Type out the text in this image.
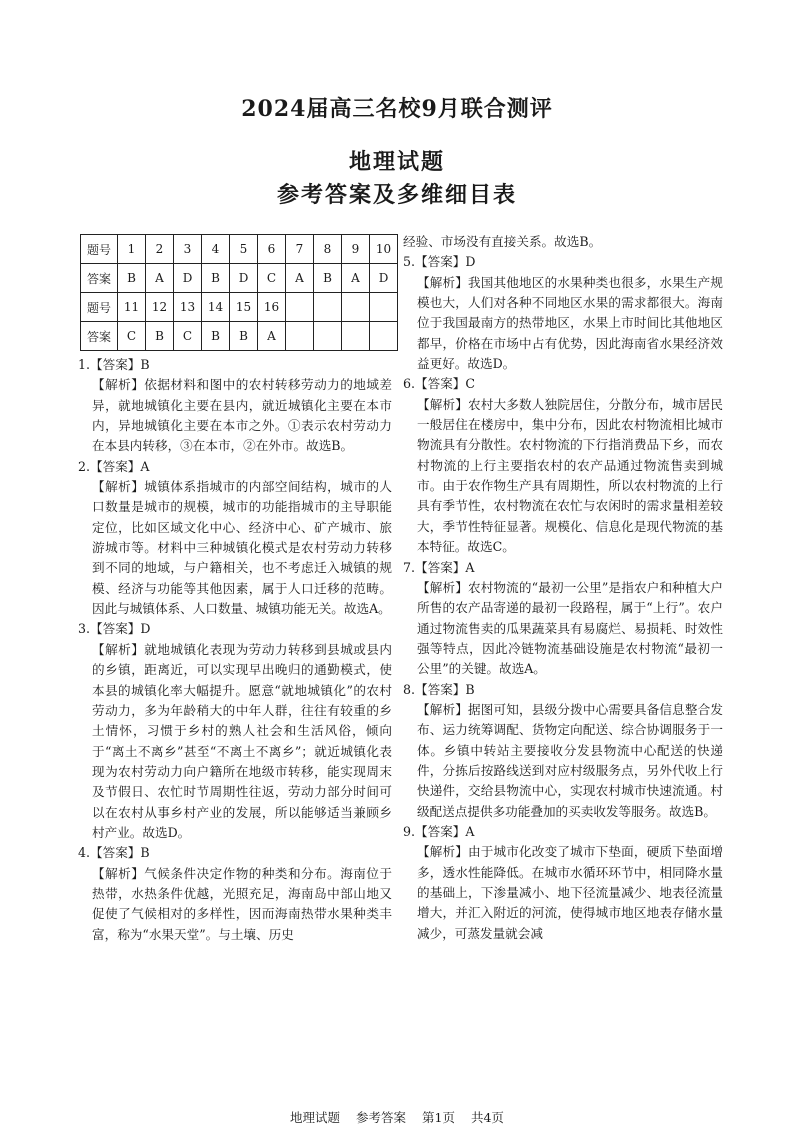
2024届高三名校9月联合测评
地理试题
参考答案及多维细目表
题号	1	2	3	4	5	6	7	8	9	10
答案	B	A	D	B	D	C	A	B	A	D
题号	11	12	13	14	15	16				
答案	C	B	C	B	B	A				

1.【答案】B

【解析】依据材料和图中的农村转移劳动力的地域差异，就地城镇化主要在县内，就近城镇化主要在本市内，异地城镇化主要在本市之外。①表示农村劳动力在本县内转移，③在本市，②在外市。故选B。

2.【答案】A

【解析】城镇体系指城市的内部空间结构，城市的人口数量是城市的规模，城市的功能指城市的主导职能定位，比如区域文化中心、经济中心、矿产城市、旅游城市等。材料中三种城镇化模式是农村劳动力转移到不同的地域，与户籍相关，也不考虑迁入城镇的规模、经济与功能等其他因素，属于人口迁移的范畴。因此与城镇体系、人口数量、城镇功能无关。故选A。

3.【答案】D

【解析】就地城镇化表现为劳动力转移到县城或县内的乡镇，距离近，可以实现早出晚归的通勤模式，使本县的城镇化率大幅提升。愿意“就地城镇化”的农村劳动力，多为年龄稍大的中年人群，往往有较重的乡土情怀，习惯于乡村的熟人社会和生活风俗，倾向于“离土不离乡”甚至“不离土不离乡”；就近城镇化表现为农村劳动力向户籍所在地级市转移，能实现周末及节假日、农忙时节周期性往返，劳动力部分时间可以在农村从事乡村产业的发展，所以能够适当兼顾乡村产业。故选D。

4.【答案】B

【解析】气候条件决定作物的种类和分布。海南位于热带，水热条件优越，光照充足，海南岛中部山地又促使了气候相对的多样性，因而海南热带水果种类丰富，称为“水果天堂”。与土壤、历史

经验、市场没有直接关系。故选B。

5.【答案】D

【解析】我国其他地区的水果种类也很多，水果生产规模也大，人们对各种不同地区水果的需求都很大。海南位于我国最南方的热带地区，水果上市时间比其他地区都早，价格在市场中占有优势，因此海南省水果经济效益更好。故选D。

6.【答案】C

【解析】农村大多数人独院居住，分散分布，城市居民一般居住在楼房中，集中分布，因此农村物流相比城市物流具有分散性。农村物流的下行指消费品下乡，而农村物流的上行主要指农村的农产品通过物流售卖到城市。由于农作物生产具有周期性，所以农村物流的上行具有季节性，农村物流在农忙与农闲时的需求量相差较大，季节性特征显著。规模化、信息化是现代物流的基本特征。故选C。

7.【答案】A

【解析】农村物流的“最初一公里”是指农户和种植大户所售的农产品寄递的最初一段路程，属于“上行”。农户通过物流售卖的瓜果蔬菜具有易腐烂、易损耗、时效性强等特点，因此冷链物流基础设施是农村物流“最初一公里”的关键。故选A。

8.【答案】B

【解析】据图可知，县级分拨中心需要具备信息整合发布、运力统筹调配、货物定向配送、综合协调服务于一体。乡镇中转站主要接收分发县物流中心配送的快递件，分拣后按路线送到对应村级服务点，另外代收上行快递件，交给县物流中心，实现农村城市快速流通。村级配送点提供多功能叠加的买卖收发等服务。故选B。

9.【答案】A

【解析】由于城市化改变了城市下垫面，硬质下垫面增多，透水性能降低。在城市水循环环节中，相同降水量的基础上，下渗量减小、地下径流量减少、地表径流量增大，并汇入附近的河流，使得城市地区地表存储水量减少，可蒸发量就会减

地理试题 参考答案 第1页 共4页
